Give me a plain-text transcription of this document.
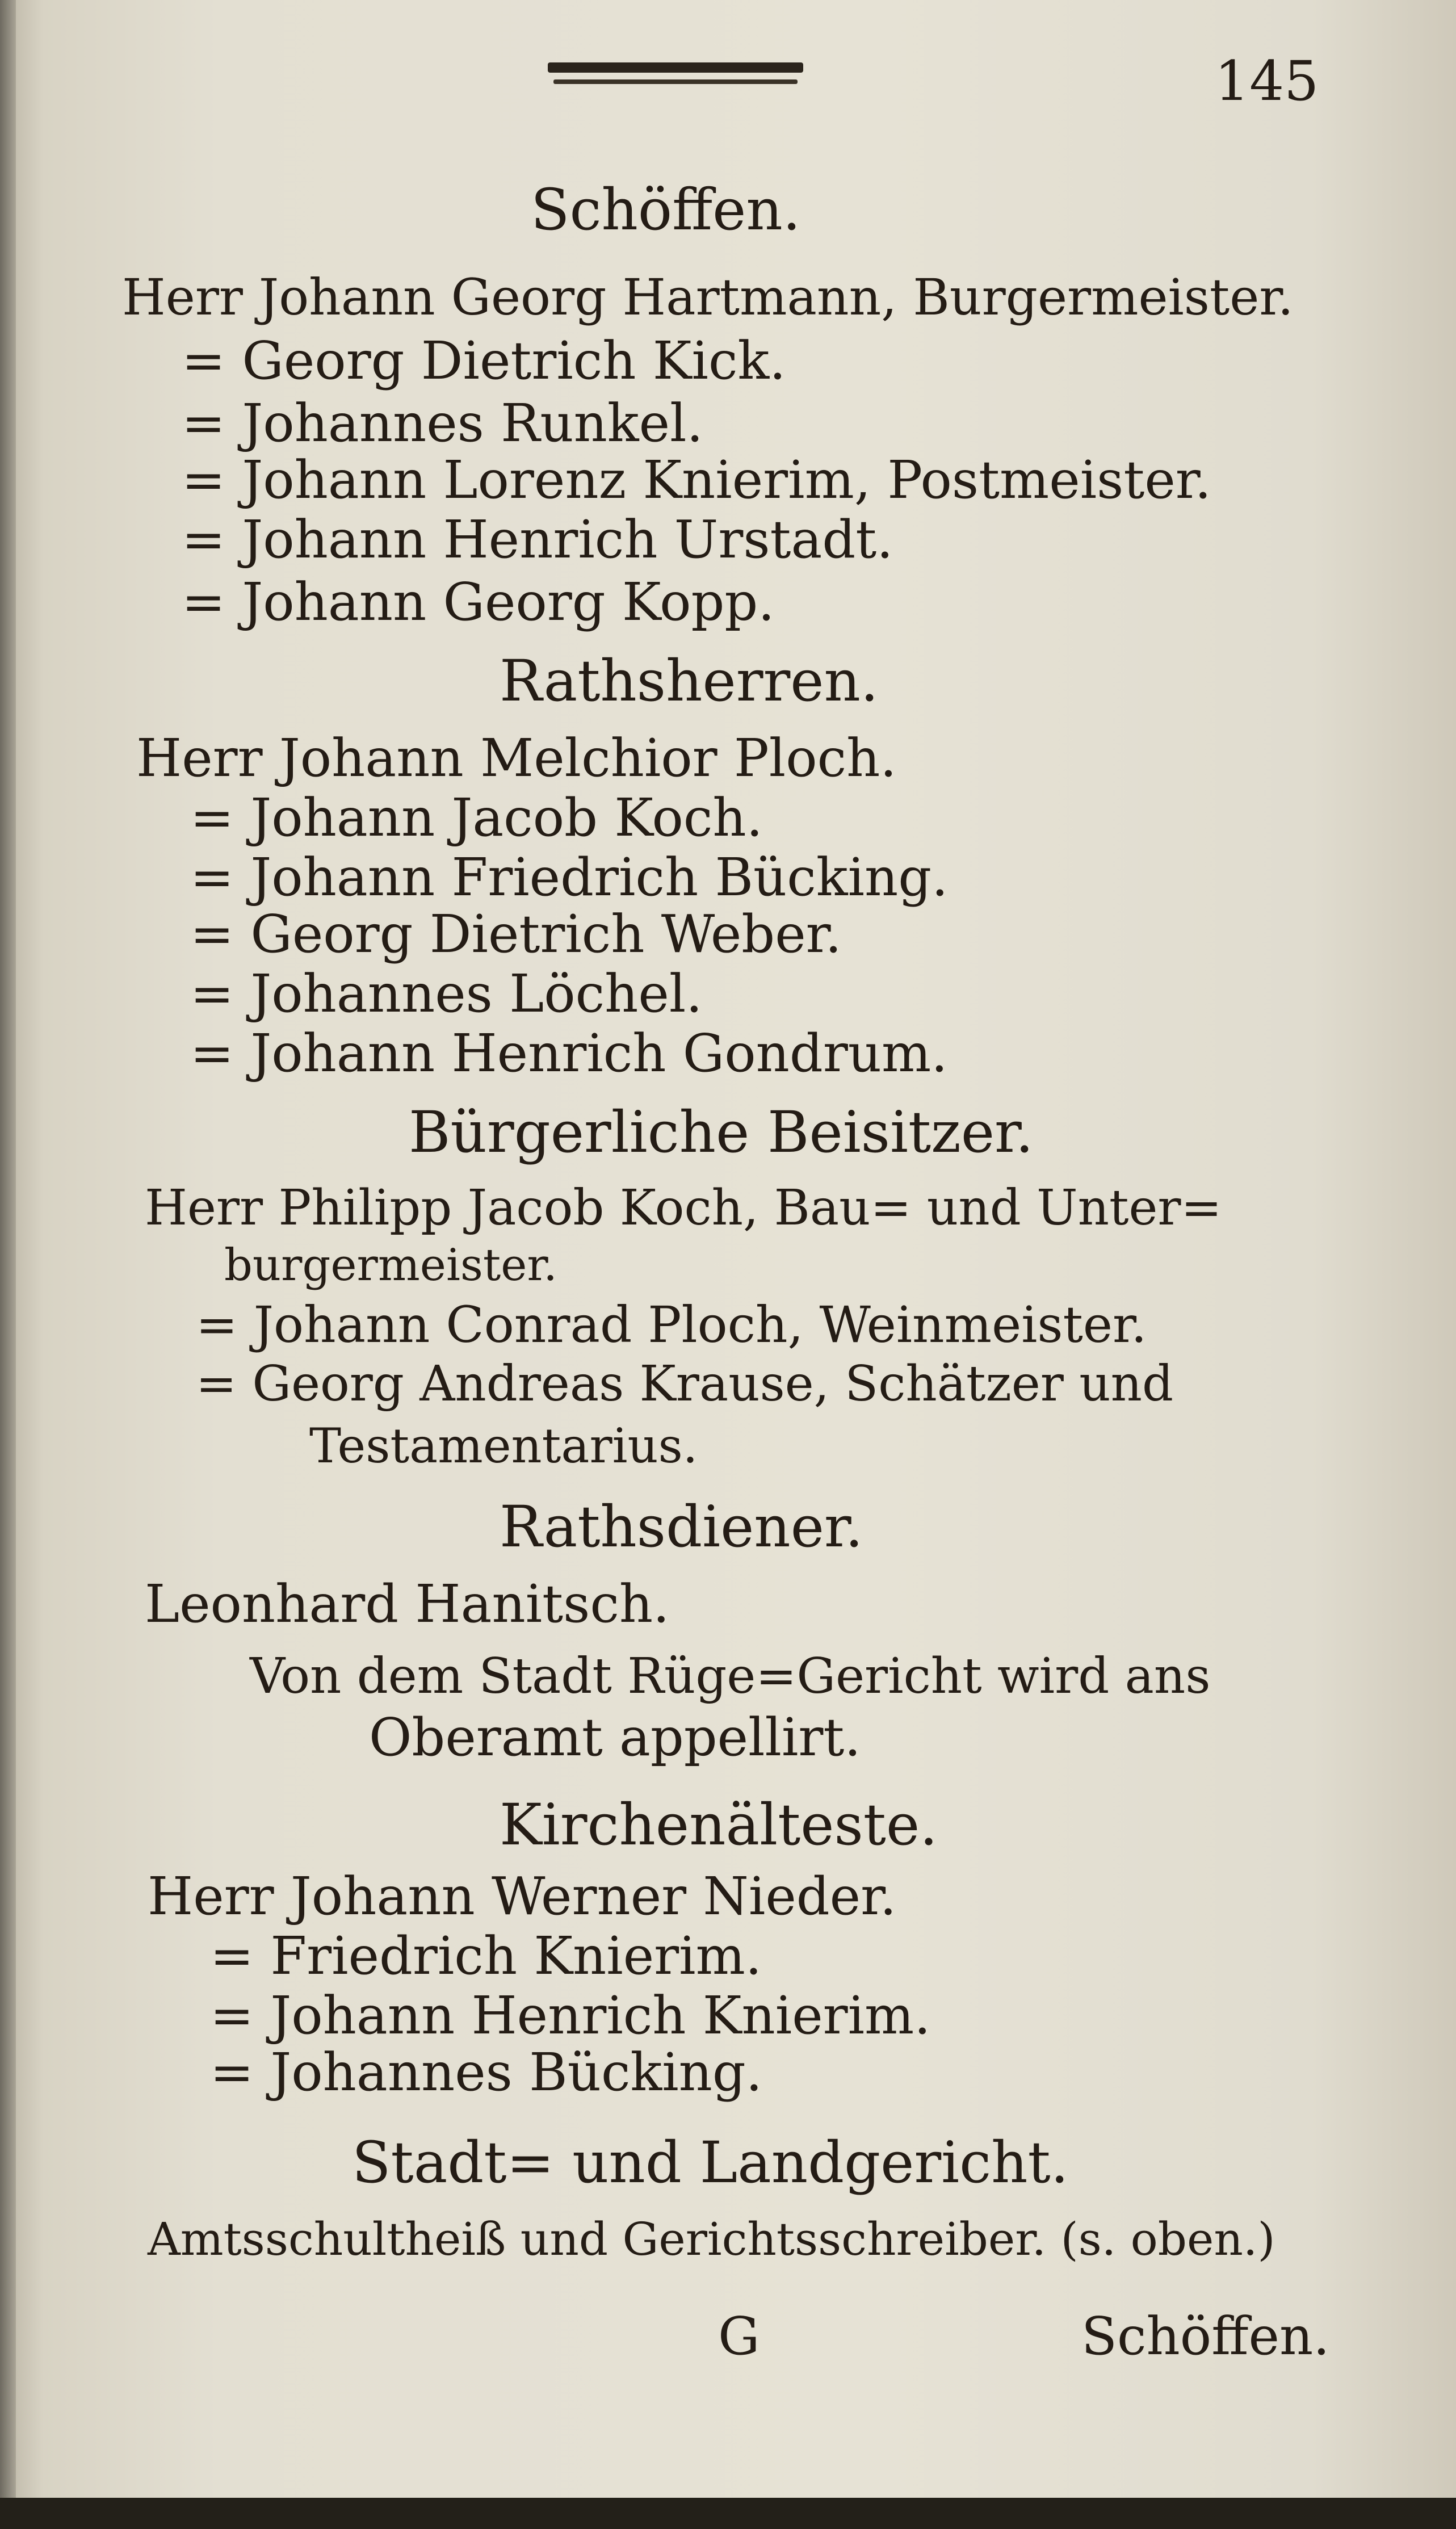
145
Schöffen.
Herr Johann Georg Hartmann, Burgermeister.
= Georg Dietrich Kick.
= Johannes Runkel.
= Johann Lorenz Knierim, Postmeister.
= Johann Henrich Urstadt.
= Johann Georg Kopp.
Rathsherren.
Herr Johann Melchior Ploch.
= Johann Jacob Koch.
= Johann Friedrich Bücking.
= Georg Dietrich Weber.
= Johannes Löchel.
= Johann Henrich Gondrum.
Bürgerliche Beisitzer.
Herr Philipp Jacob Koch, Bau= und Unter=
burgermeister.
= Johann Conrad Ploch, Weinmeister.
= Georg Andreas Krause, Schätzer und
Testamentarius.
Rathsdiener.
Leonhard Hanitsch.
Von dem Stadt Rüge=Gericht wird ans
Oberamt appellirt.
Kirchenälteste.
Herr Johann Werner Nieder.
= Friedrich Knierim.
= Johann Henrich Knierim.
= Johannes Bücking.
Stadt= und Landgericht.
Amtsschultheiß und Gerichtsschreiber. (s. oben.)
G	Schöffen.
